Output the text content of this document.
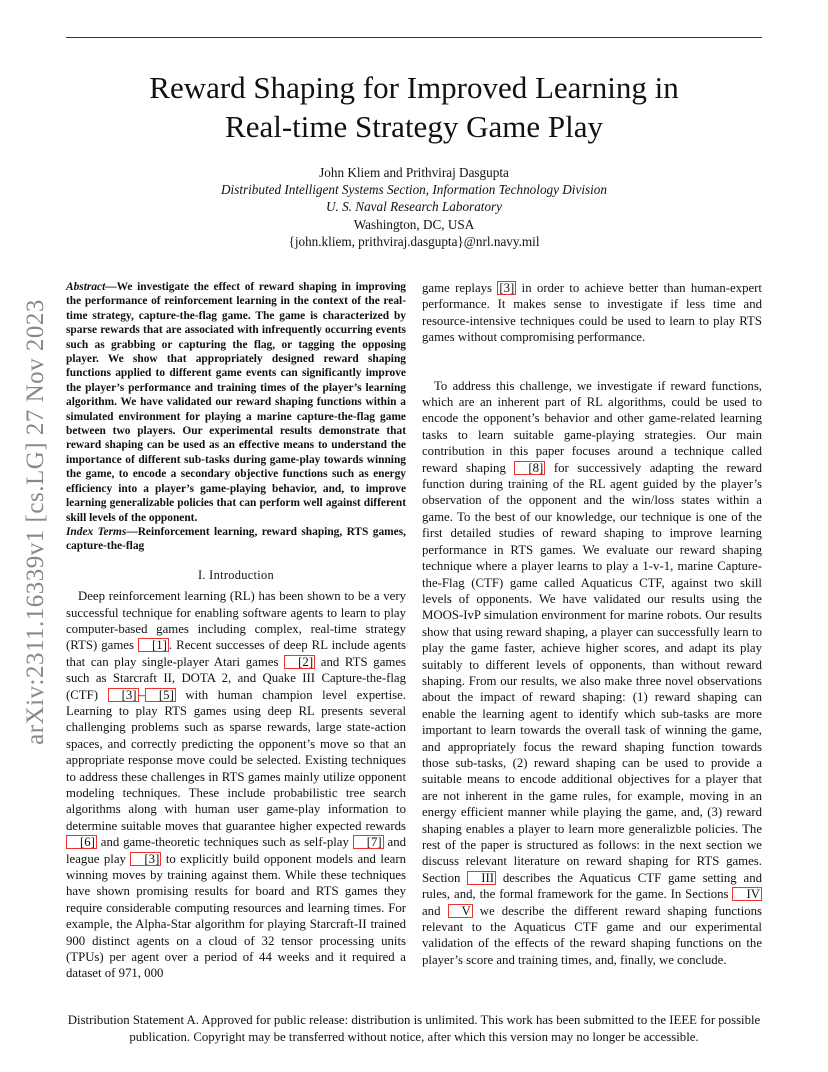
arXiv:2311.16339v1 [cs.LG] 27 Nov 2023
Reward Shaping for Improved Learning in
Real-time Strategy Game Play
John Kliem and Prithviraj Dasgupta
Distributed Intelligent Systems Section, Information Technology Division
U. S. Naval Research Laboratory
Washington, DC, USA
{john.kliem, prithviraj.dasgupta}@nrl.navy.mil

Abstract—We investigate the effect of reward shaping in improving the performance of reinforcement learning in the context of the real-time strategy, capture-the-flag game. The game is characterized by sparse rewards that are associated with infrequently occurring events such as grabbing or capturing the flag, or tagging the opposing player. We show that appropriately designed reward shaping functions applied to different game events can significantly improve the player’s performance and training times of the player’s learning algorithm. We have validated our reward shaping functions within a simulated environment for playing a marine capture-the-flag game between two players. Our experimental results demonstrate that reward shaping can be used as an effective means to understand the importance of different sub-tasks during game-play towards winning the game, to encode a secondary objective functions such as energy efficiency into a player’s game-playing behavior, and, to improve learning generalizable policies that can perform well against different skill levels of the opponent.

Index Terms—Reinforcement learning, reward shaping, RTS games, capture-the-flag

I. Introduction

Deep reinforcement learning (RL) has been shown to be a very successful technique for enabling software agents to learn to play computer-based games including complex, real-time strategy (RTS) games [1] . Recent successes of deep RL include agents that can play single-player Atari games [2] and RTS games such as Starcraft II, DOTA 2, and Quake III Capture-the-flag (CTF) [3] – [5] with human champion level expertise. Learning to play RTS games using deep RL presents several challenging problems such as sparse rewards, large state-action spaces, and correctly predicting the opponent’s move so that an appropriate response move could be selected. Existing techniques to address these challenges in RTS games mainly utilize opponent modeling techniques. These include probabilistic tree search algorithms along with human user game-play information to determine suitable moves that guarantee higher expected rewards [6] and game-theoretic techniques such as self-play [7] and league play [3] to explicitly build opponent models and learn winning moves by training against them. While these techniques have shown promising results for board and RTS games they require considerable computing resources and learning times. For example, the Alpha-Star algorithm for playing Starcraft-II trained 900 distinct agents on a cloud of 32 tensor processing units (TPUs) per agent over a period of 44 weeks and it required a dataset of 971, 000

game replays [3] in order to achieve better than human-expert performance. It makes sense to investigate if less time and resource-intensive techniques could be used to learn to play RTS games without compromising performance.

To address this challenge, we investigate if reward functions, which are an inherent part of RL algorithms, could be used to encode the opponent’s behavior and other game-related learning tasks to learn suitable game-playing strategies. Our main contribution in this paper focuses around a technique called reward shaping [8] for successively adapting the reward function during training of the RL agent guided by the player’s observation of the opponent and the win/loss states within a game. To the best of our knowledge, our technique is one of the first detailed studies of reward shaping to improve learning performance in RTS games. We evaluate our reward shaping technique where a player learns to play a 1-v-1, marine Capture-the-Flag (CTF) game called Aquaticus CTF, against two skill levels of opponents. We have validated our results using the MOOS-IvP simulation environment for marine robots. Our results show that using reward shaping, a player can successfully learn to play the game faster, achieve higher scores, and adapt its play suitably to different levels of opponents, than without reward shaping. From our results, we also make three novel observations about the impact of reward shaping: (1) reward shaping can enable the learning agent to identify which sub-tasks are more important to learn towards the overall task of winning the game, and appropriately focus the reward shaping function towards those sub-tasks, (2) reward shaping can be used to provide a suitable means to encode additional objectives for a player that are not inherent in the game rules, for example, moving in an energy efficient manner while playing the game, and, (3) reward shaping enables a player to learn more generalizble policies. The rest of the paper is structured as follows: in the next section we discuss relevant literature on reward shaping for RTS games. Section III describes the Aquaticus CTF game setting and rules, and, the formal framework for the game. In Sections IV and V we describe the different reward shaping functions relevant to the Aquaticus CTF game and our experimental validation of the effects of the reward shaping functions on the player’s score and training times, and, finally, we conclude.

Distribution Statement A. Approved for public release: distribution is unlimited. This work has been submitted to the IEEE for possible publication. Copyright may be transferred without notice, after which this version may no longer be accessible.
